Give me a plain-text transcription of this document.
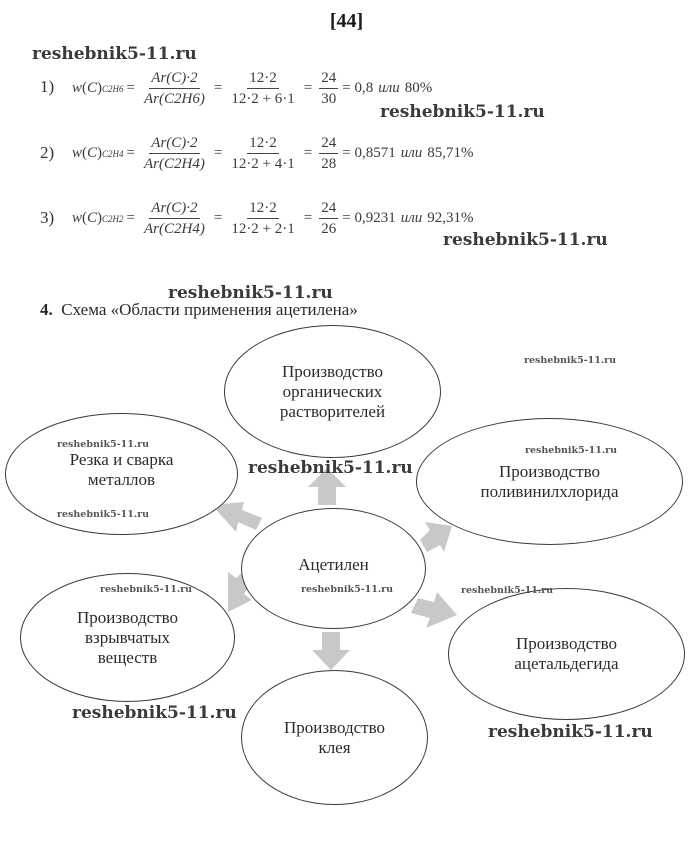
[44]
reshebnik5-11.ru
1) w ( C ) $C2H6 = \frac{Ar(C)\cdot 2}{Ar(C2H6)} = \frac{12\cdot 2}{12\cdot 2 + 6\cdot 1} = \frac{24}{30} = 0,8$ или 80%
reshebnik5-11.ru
2) w ( C ) $C2H4 = \frac{Ar(C)\cdot 2}{Ar(C2H4)} = \frac{12\cdot 2}{12\cdot 2 + 4\cdot 1} = \frac{24}{28} = 0,8571$ или 85,71%
3) w ( C ) $C2H2 = \frac{Ar(C)\cdot 2}{Ar(C2H4)} = \frac{12\cdot 2}{12\cdot 2 + 2\cdot 1} = \frac{24}{26} = 0,9231$ или 92,31%
reshebnik5-11.ru
reshebnik5-11.ru
4. Схема «Области применения ацетилена»
Производство
органических
растворителей
Производство
поливинилхлорида
Резка и сварка
металлов
Ацетилен
Производство
взрывчатых
веществ
Производство
ацетальдегида
Производство
клея
reshebnik5-11.ru
reshebnik5-11.ru
reshebnik5-11.ru
reshebnik5-11.ru
reshebnik5-11.ru
reshebnik5-11.ru
reshebnik5-11.ru	reshebnik5-11.ru
reshebnik5-11.ru
reshebnik5-11.ru
